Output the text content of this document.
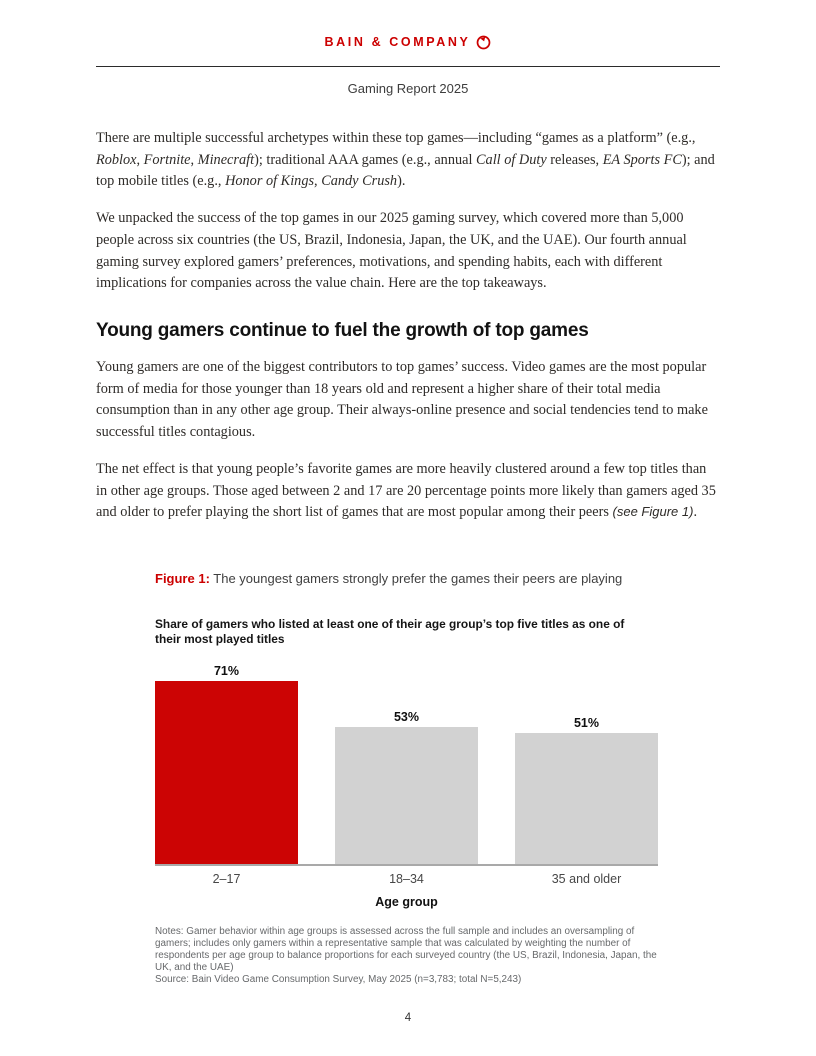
BAIN & COMPANY
Gaming Report 2025

There are multiple successful archetypes within these top games—including “games as a platform” (e.g., Roblox, Fortnite, Minecraft); traditional AAA games (e.g., annual Call of Duty releases, EA Sports FC); and top mobile titles (e.g., Honor of Kings, Candy Crush).

We unpacked the success of the top games in our 2025 gaming survey, which covered more than 5,000 people across six countries (the US, Brazil, Indonesia, Japan, the UK, and the UAE). Our fourth annual gaming survey explored gamers’ preferences, motivations, and spending habits, each with different implications for companies across the value chain. Here are the top takeaways.

Young gamers continue to fuel the growth of top games

Young gamers are one of the biggest contributors to top games’ success. Video games are the most popular form of media for those younger than 18 years old and represent a higher share of their total media consumption than in any other age group. Their always-online presence and social tendencies tend to make successful titles contagious.

The net effect is that young people’s favorite games are more heavily clustered around a few top titles than in other age groups. Those aged between 2 and 17 are 20 percentage points more likely than gamers aged 35 and older to prefer playing the short list of games that are most popular among their peers (see Figure 1).

Figure 1: The youngest gamers strongly prefer the games their peers are playing
Share of gamers who listed at least one of their age group’s top five titles as one of their most played titles
71%
53%	51%
2–17	18–34	35 and older
Age group
Notes: Gamer behavior within age groups is assessed across the full sample and includes an oversampling of gamers; includes only gamers within a representative sample that was calculated by weighting the number of respondents per age group to balance proportions for each surveyed country (the US, Brazil, Indonesia, Japan, the UK, and the UAE)
Source: Bain Video Game Consumption Survey, May 2025 (n=3,783; total N=5,243)
4
